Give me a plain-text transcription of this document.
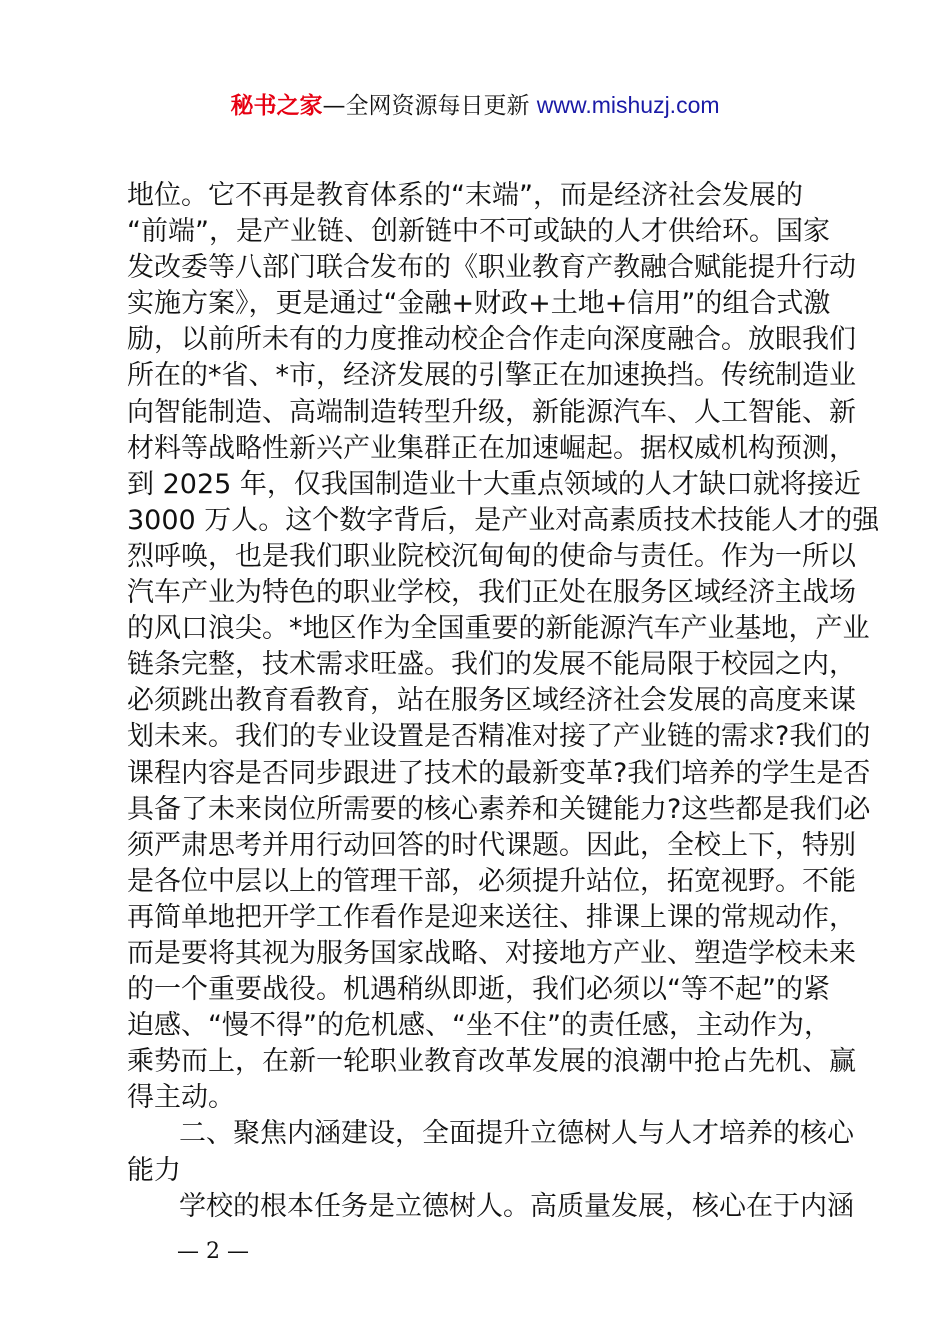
秘书之家—全网资源每日更新 www.mishuzj.com
地位。它不再是教育体系的“末端”，而是经济社会发展的
“前端”，是产业链、创新链中不可或缺的人才供给环。国家
发改委等八部门联合发布的《职业教育产教融合赋能提升行动
实施方案》，更是通过“金融+财政+土地+信用”的组合式激
励，以前所未有的力度推动校企合作走向深度融合。放眼我们
所在的*省、*市，经济发展的引擎正在加速换挡。传统制造业
向智能制造、高端制造转型升级，新能源汽车、人工智能、新
材料等战略性新兴产业集群正在加速崛起。据权威机构预测，
到 2025 年，仅我国制造业十大重点领域的人才缺口就将接近
3000 万人。这个数字背后，是产业对高素质技术技能人才的强
烈呼唤，也是我们职业院校沉甸甸的使命与责任。作为一所以
汽车产业为特色的职业学校，我们正处在服务区域经济主战场
的风口浪尖。*地区作为全国重要的新能源汽车产业基地，产业
链条完整，技术需求旺盛。我们的发展不能局限于校园之内，
必须跳出教育看教育，站在服务区域经济社会发展的高度来谋
划未来。我们的专业设置是否精准对接了产业链的需求?我们的
课程内容是否同步跟进了技术的最新变革?我们培养的学生是否
具备了未来岗位所需要的核心素养和关键能力?这些都是我们必
须严肃思考并用行动回答的时代课题。因此，全校上下，特别
是各位中层以上的管理干部，必须提升站位，拓宽视野。不能
再简单地把开学工作看作是迎来送往、排课上课的常规动作，
而是要将其视为服务国家战略、对接地方产业、塑造学校未来
的一个重要战役。机遇稍纵即逝，我们必须以“等不起”的紧
迫感、“慢不得”的危机感、“坐不住”的责任感，主动作为，
乘势而上，在新一轮职业教育改革发展的浪潮中抢占先机、赢
得主动。
二、聚焦内涵建设，全面提升立德树人与人才培养的核心
能力
学校的根本任务是立德树人。高质量发展，核心在于内涵
— 2 —
